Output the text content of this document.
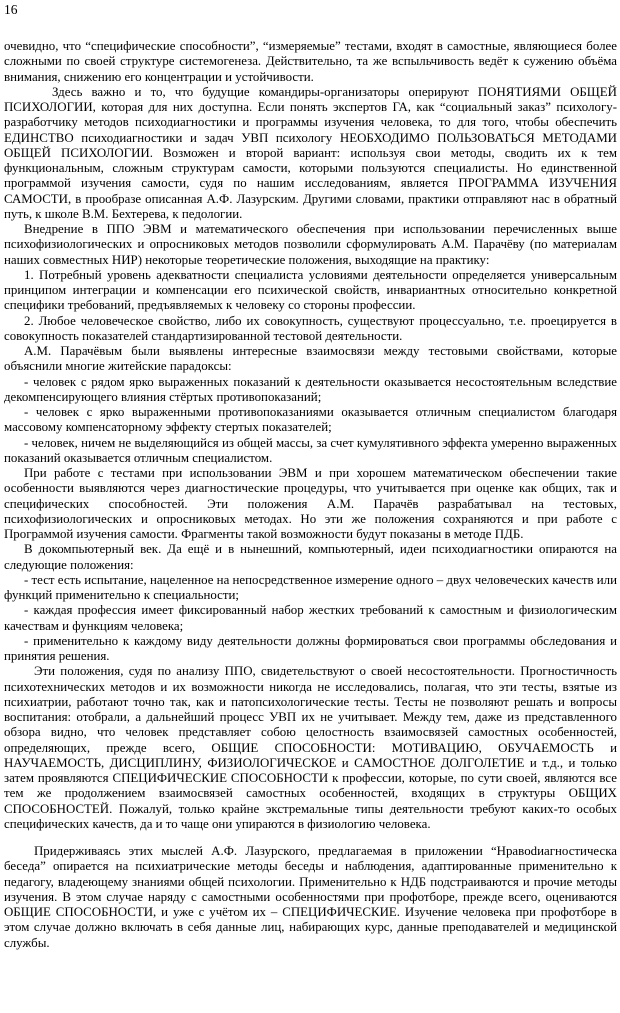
16

очевидно, что “специфические способности”, “измеряемые” тестами, входят в самостные, являющиеся более сложными по своей структуре системогенеза. Действительно, та же вспыльчивость ведёт к сужению объёма внимания, снижению его концентрации и устойчивости.

Здесь важно и то, что будущие командиры-организаторы оперируют ПОНЯТИЯМИ ОБЩЕЙ ПСИХОЛОГИИ, которая для них доступна. Если понять экспертов ГА, как “социальный заказ” психологу-разработчику методов психодиагностики и программы изучения человека, то для того, чтобы обеспечить ЕДИНСТВО психодиагностики и задач УВП психологу НЕОБХОДИМО ПОЛЬЗОВАТЬСЯ МЕТОДАМИ ОБЩЕЙ ПСИХОЛОГИИ. Возможен и второй вариант: используя свои методы, сводить их к тем функциональным, сложным структурам самости, которыми пользуются специалисты. Но единственной программой изучения самости, судя по нашим исследованиям, является ПРОГРАММА ИЗУЧЕНИЯ САМОСТИ, в прообразе описанная А.Ф. Лазурским. Другими словами, практики отправляют нас в обратный путь, к школе В.М. Бехтерева, к педологии.

Внедрение в ППО ЭВМ и математического обеспечения при использовании перечисленных выше психофизиологических и опросниковых методов позволили сформулировать А.М. Парачёву (по материалам наших совместных НИР) некоторые теоретические положения, выходящие на практику:

1. Потребный уровень адекватности специалиста условиями деятельности определяется универсальным принципом интеграции и компенсации его психической свойств, инвариантных относительно конкретной специфики требований, предъявляемых к человеку со стороны профессии.

2. Любое человеческое свойство, либо их совокупность, существуют процессуально, т.е. проецируется в совокупность показателей стандартизированной тестовой деятельности.

А.М. Парачёвым были выявлены интересные взаимосвязи между тестовыми свойствами, которые объяснили многие житейские парадоксы:

- человек с рядом ярко выраженных показаний к деятельности оказывается несостоятельным вследствие декомпенсирующего влияния стёртых противопоказаний;

- человек с ярко выраженными противопоказаниями оказывается отличным специалистом благодаря массовому компенсаторному эффекту стертых показателей;

- человек, ничем не выделяющийся из общей массы, за счет кумулятивного эффекта умеренно выраженных показаний оказывается отличным специалистом.

При работе с тестами при использовании ЭВМ и при хорошем математическом обеспечении такие особенности выявляются через диагностические процедуры, что учитывается при оценке как общих, так и специфических способностей. Эти положения А.М. Парачёв разрабатывал на тестовых, психофизиологических и опросниковых методах. Но эти же положения сохраняются и при работе с Программой изучения самости. Фрагменты такой возможности будут показаны в методе ПДБ.

В докомпьютерный век. Да ещё и в нынешний, компьютерный, идеи психодиагностики опираются на следующие положения:

- тест есть испытание, нацеленное на непосредственное измерение одного – двух человеческих качеств или функций применительно к специальности;

- каждая профессия имеет фиксированный набор жестких требований к самостным и физиологическим качествам и функциям человека;

- применительно к каждому виду деятельности должны формироваться свои программы обследования и принятия решения.

Эти положения, судя по анализу ППО, свидетельствуют о своей несостоятельности. Прогностичность психотехнических методов и их возможности никогда не исследовались, полагая, что эти тесты, взятые из психиатрии, работают точно так, как и патопсихологические тесты. Тесты не позволяют решать и вопросы воспитания: отобрали, а дальнейший процесс УВП их не учитывает. Между тем, даже из представленного обзора видно, что человек представляет собою целостность взаимосвязей самостных особенностей, определяющих, прежде всего, ОБЩИЕ СПОСОБНОСТИ: МОТИВАЦИЮ, ОБУЧАЕМОСТЬ и НАУЧАЕМОСТЬ, ДИСЦИПЛИНУ, ФИЗИОЛОГИЧЕСКОЕ и САМОСТНОЕ ДОЛГОЛЕТИЕ и т.д., и только затем проявляются СПЕЦИФИЧЕСКИЕ СПОСОБНОСТИ к профессии, которые, по сути своей, являются все тем же продолжением взаимосвязей самостных особенностей, входящих в структуры ОБЩИХ СПОСОБНОСТЕЙ. Пожалуй, только крайне экстремальные типы деятельности требуют каких-то особых специфических качеств, да и то чаще они упираются в физиологию человека.

Придерживаясь этих мыслей А.Ф. Лазурского, предлагаемая в приложении “Нравodиагностическа беседа” опирается на психиатрические методы беседы и наблюдения, адаптированные применительно к педагогу, владеющему знаниями общей психологии. Применительно к НДБ подстраиваются и прочие методы изучения. В этом случае наряду с самостными особенностями при профотборе, прежде всего, оцениваются ОБЩИЕ СПОСОБНОСТИ, и уже с учётом их – СПЕЦИФИЧЕСКИЕ. Изучение человека при профотборе в этом случае должно включать в себя данные лиц, набирающих курс, данные преподавателей и медицинской службы.
